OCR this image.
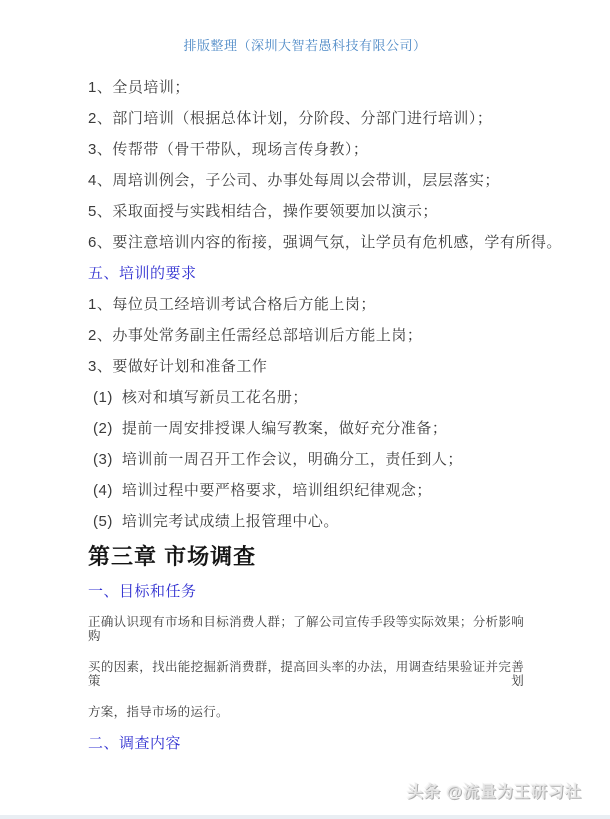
排版整理（深圳大智若愚科技有限公司）
1、全员培训；
2、部门培训（根据总体计划，分阶段、分部门进行培训）；
3、传帮带（骨干带队，现场言传身教）；
4、周培训例会，子公司、办事处每周以会带训，层层落实；
5、采取面授与实践相结合，操作要领要加以演示；
6、要注意培训内容的衔接，强调气氛，让学员有危机感，学有所得。
五、培训的要求
1、每位员工经培训考试合格后方能上岗；
2、办事处常务副主任需经总部培训后方能上岗；
3、要做好计划和准备工作
(1) 核对和填写新员工花名册；
(2) 提前一周安排授课人编写教案，做好充分准备；
(3) 培训前一周召开工作会议，明确分工，责任到人；
(4) 培训过程中要严格要求，培训组织纪律观念；
(5) 培训完考试成绩上报管理中心。
第三章 市场调查
一、目标和任务
正确认识现有市场和目标消费人群；了解公司宣传手段等实际效果；分析影响购
买的因素，找出能挖掘新消费群，提高回头率的办法，用调查结果验证并完善策划
方案，指导市场的运行。
二、调查内容
头条 @流量为王研习社
